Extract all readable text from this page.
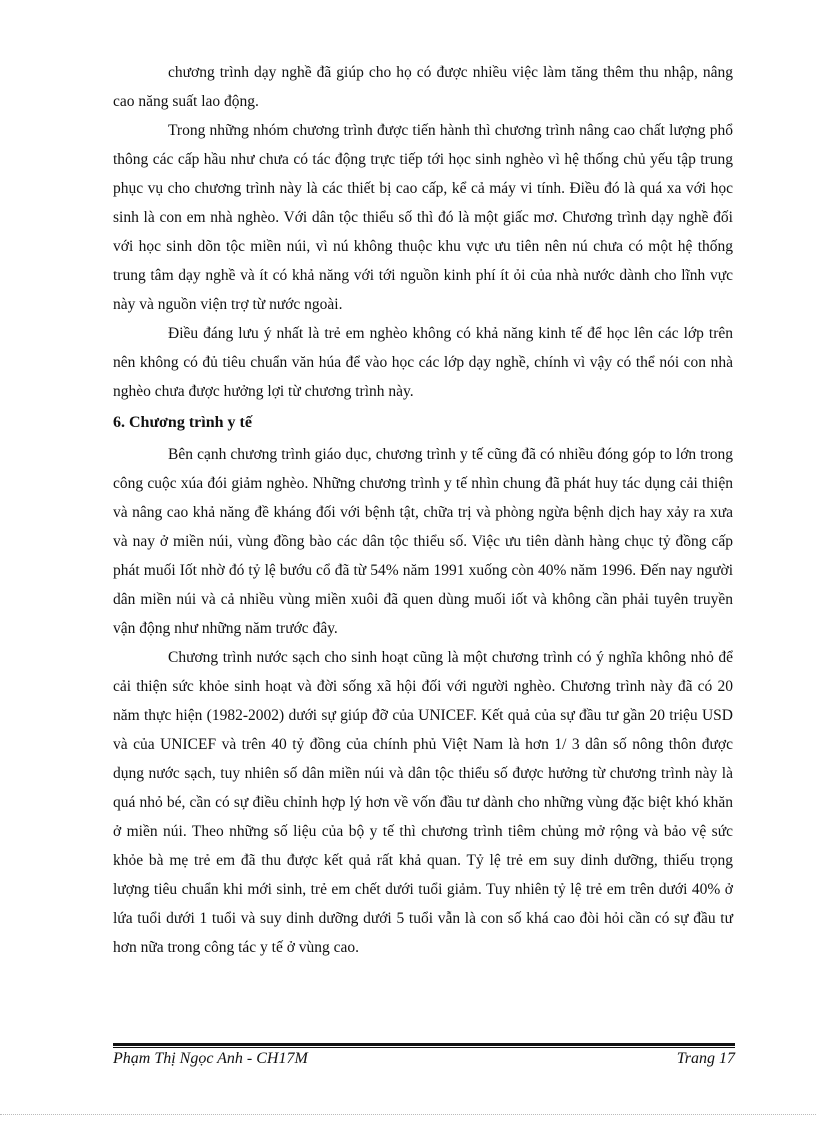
chương trình dạy nghề đã giúp cho họ có được nhiều việc làm tăng thêm thu nhập, nâng cao năng suất lao động.

Trong những nhóm chương trình được tiến hành thì chương trình nâng cao chất lượng phổ thông các cấp hầu như chưa có tác động trực tiếp tới học sinh nghèo vì hệ thống chủ yếu tập trung phục vụ cho chương trình này là các thiết bị cao cấp, kể cả máy vi tính. Điều đó là quá xa với học sinh là con em nhà nghèo. Với dân tộc thiểu số thì đó là một giấc mơ. Chương trình dạy nghề đối với học sinh dõn tộc miền núi, vì nú không thuộc khu vực ưu tiên nên nú chưa có một hệ thống trung tâm dạy nghề và ít có khả năng với tới nguồn kinh phí ít ỏi của nhà nước dành cho lĩnh vực này và nguồn viện trợ từ nước ngoài.

Điều đáng lưu ý nhất là trẻ em nghèo không có khả năng kinh tế để học lên các lớp trên nên không có đủ tiêu chuẩn văn húa để vào học các lớp dạy nghề, chính vì vậy có thể nói con nhà nghèo chưa được hưởng lợi từ chương trình này.

6. Chương trình y tế

Bên cạnh chương trình giáo dục, chương trình y tế cũng đã có nhiều đóng góp to lớn trong công cuộc xúa đói giảm nghèo. Những chương trình y tế nhìn chung đã phát huy tác dụng cải thiện và nâng cao khả năng đề kháng đối với bệnh tật, chữa trị và phòng ngừa bệnh dịch hay xảy ra xưa và nay ở miền núi, vùng đồng bào các dân tộc thiểu số. Việc ưu tiên dành hàng chục tỷ đồng cấp phát muối Iốt nhờ đó tỷ lệ bướu cổ đã từ 54% năm 1991 xuống còn 40% năm 1996. Đến nay người dân miền núi và cả nhiều vùng miền xuôi đã quen dùng muối iốt và không cần phải tuyên truyền vận động như những năm trước đây.

Chương trình nước sạch cho sinh hoạt cũng là một chương trình có ý nghĩa không nhỏ để cải thiện sức khỏe sinh hoạt và đời sống xã hội đối với người nghèo. Chương trình này đã có 20 năm thực hiện (1982-2002) dưới sự giúp đỡ của UNICEF. Kết quả của sự đầu tư gần 20 triệu USD và của UNICEF và trên 40 tỷ đồng của chính phủ Việt Nam là hơn 1/ 3 dân số nông thôn được dụng nước sạch, tuy nhiên số dân miền núi và dân tộc thiểu số được hưởng từ chương trình này là quá nhỏ bé, cần có sự điều chỉnh hợp lý hơn về vốn đầu tư dành cho những vùng đặc biệt khó khăn ở miền núi. Theo những số liệu của bộ y tế thì chương trình tiêm chủng mở rộng và bảo vệ sức khỏe bà mẹ trẻ em đã thu được kết quả rất khả quan. Tỷ lệ trẻ em suy dinh dưỡng, thiếu trọng lượng tiêu chuẩn khi mới sinh, trẻ em chết dưới tuổi giảm. Tuy nhiên tỷ lệ trẻ em trên dưới 40% ở lứa tuổi dưới 1 tuổi và suy dinh dưỡng dưới 5 tuổi vẫn là con số khá cao đòi hỏi cần có sự đầu tư hơn nữa trong công tác y tế ở vùng cao.

Phạm Thị Ngọc Anh - CH17M	Trang 17
